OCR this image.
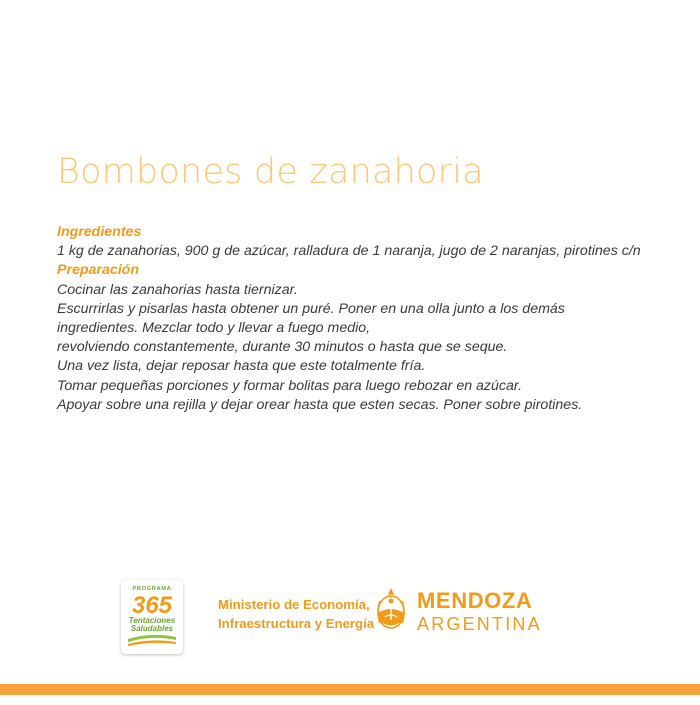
Bombones de zanahoria
Ingredientes
1 kg de zanahorias, 900 g de azúcar, ralladura de 1 naranja, jugo de 2 naranjas, pirotines c/n
Preparación
Cocinar las zanahorias hasta tiernizar.
Escurrirlas y pisarlas hasta obtener un puré. Poner en una olla junto a los demás
ingredientes. Mezclar todo y llevar a fuego medio,
revolviendo constantemente, durante 30 minutos o hasta que se seque.
Una vez lista, dejar reposar hasta que este totalmente fría.
Tomar pequeñas porciones y formar bolitas para luego rebozar en azúcar.
Apoyar sobre una rejilla y dejar orear hasta que esten secas. Poner sobre pirotines.
PROGRAMA
365
Tentaciones
Saludables
Ministerio de Economía,
Infraestructura y Energía
MENDOZA
ARGENTINA
